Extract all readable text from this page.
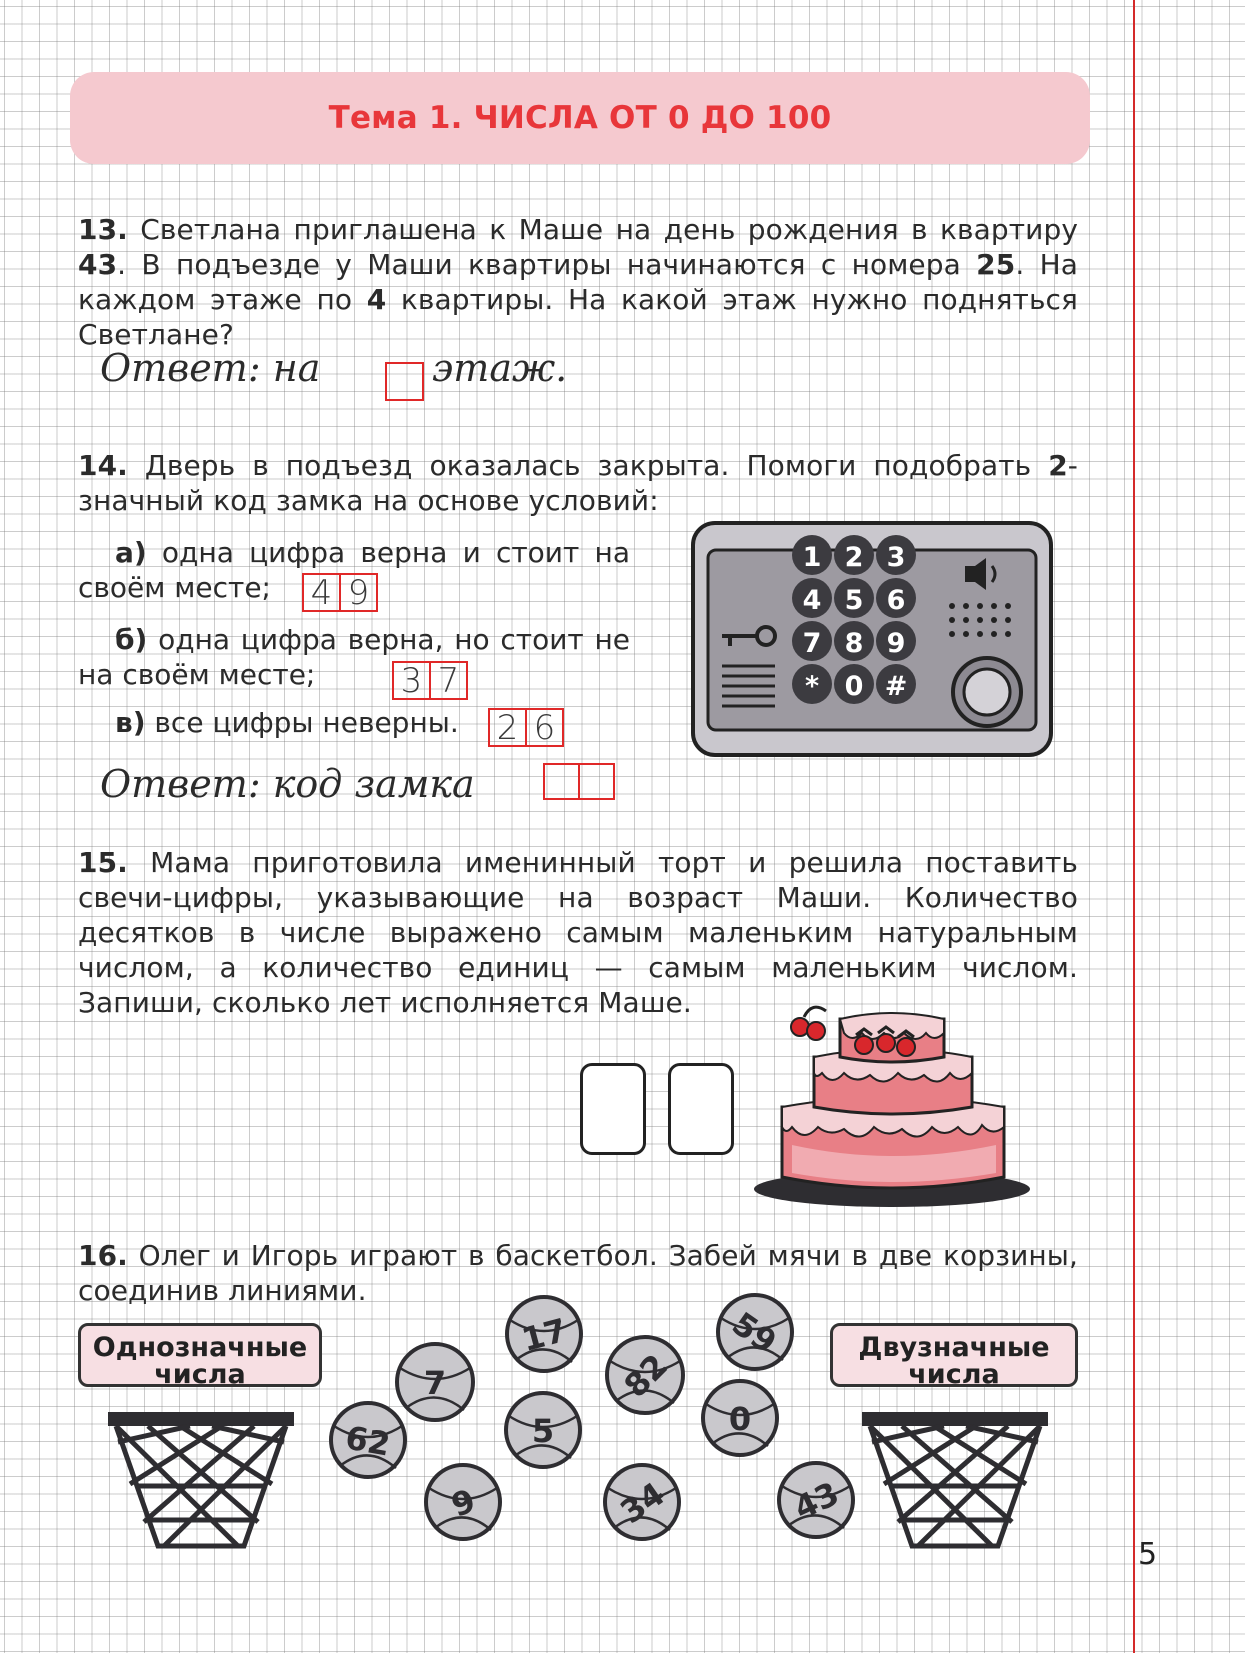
Тема 1. ЧИСЛА ОТ 0 ДО 100
13. Светлана приглашена к Маше на день рождения в квартиру 43. В подъезде у Маши квартиры начинаются с номера 25. На каждом этаже по 4 квартиры. На какой этаж нужно подняться Светлане?
Ответ: на	этаж.
14. Дверь в подъезд оказалась закрыта. Помоги подобрать 2-значный код замка на основе условий:
а) одна цифра верна и стоит на своём месте;	4 9
б) одна цифра верна, но стоит не на своём месте;	3 7
в) все цифры неверны. 2 6
Ответ: код замка
1 2 3
4 5 6
7 8 9
* 0 #
15. Мама приготовила именинный торт и решила поставить свечи-цифры, указывающие на возраст Маши. Количество десятков в числе выражено самым маленьким натуральным числом, а количество единиц — самым маленьким числом. Запиши, сколько лет исполняется Маше.
16. Олег и Игорь играют в баскетбол. Забей мячи в две корзины, соединив линиями.
Однозначные
числа
Двузначные
числа
17	59
7	82
62	5	0
9	34	43
5
